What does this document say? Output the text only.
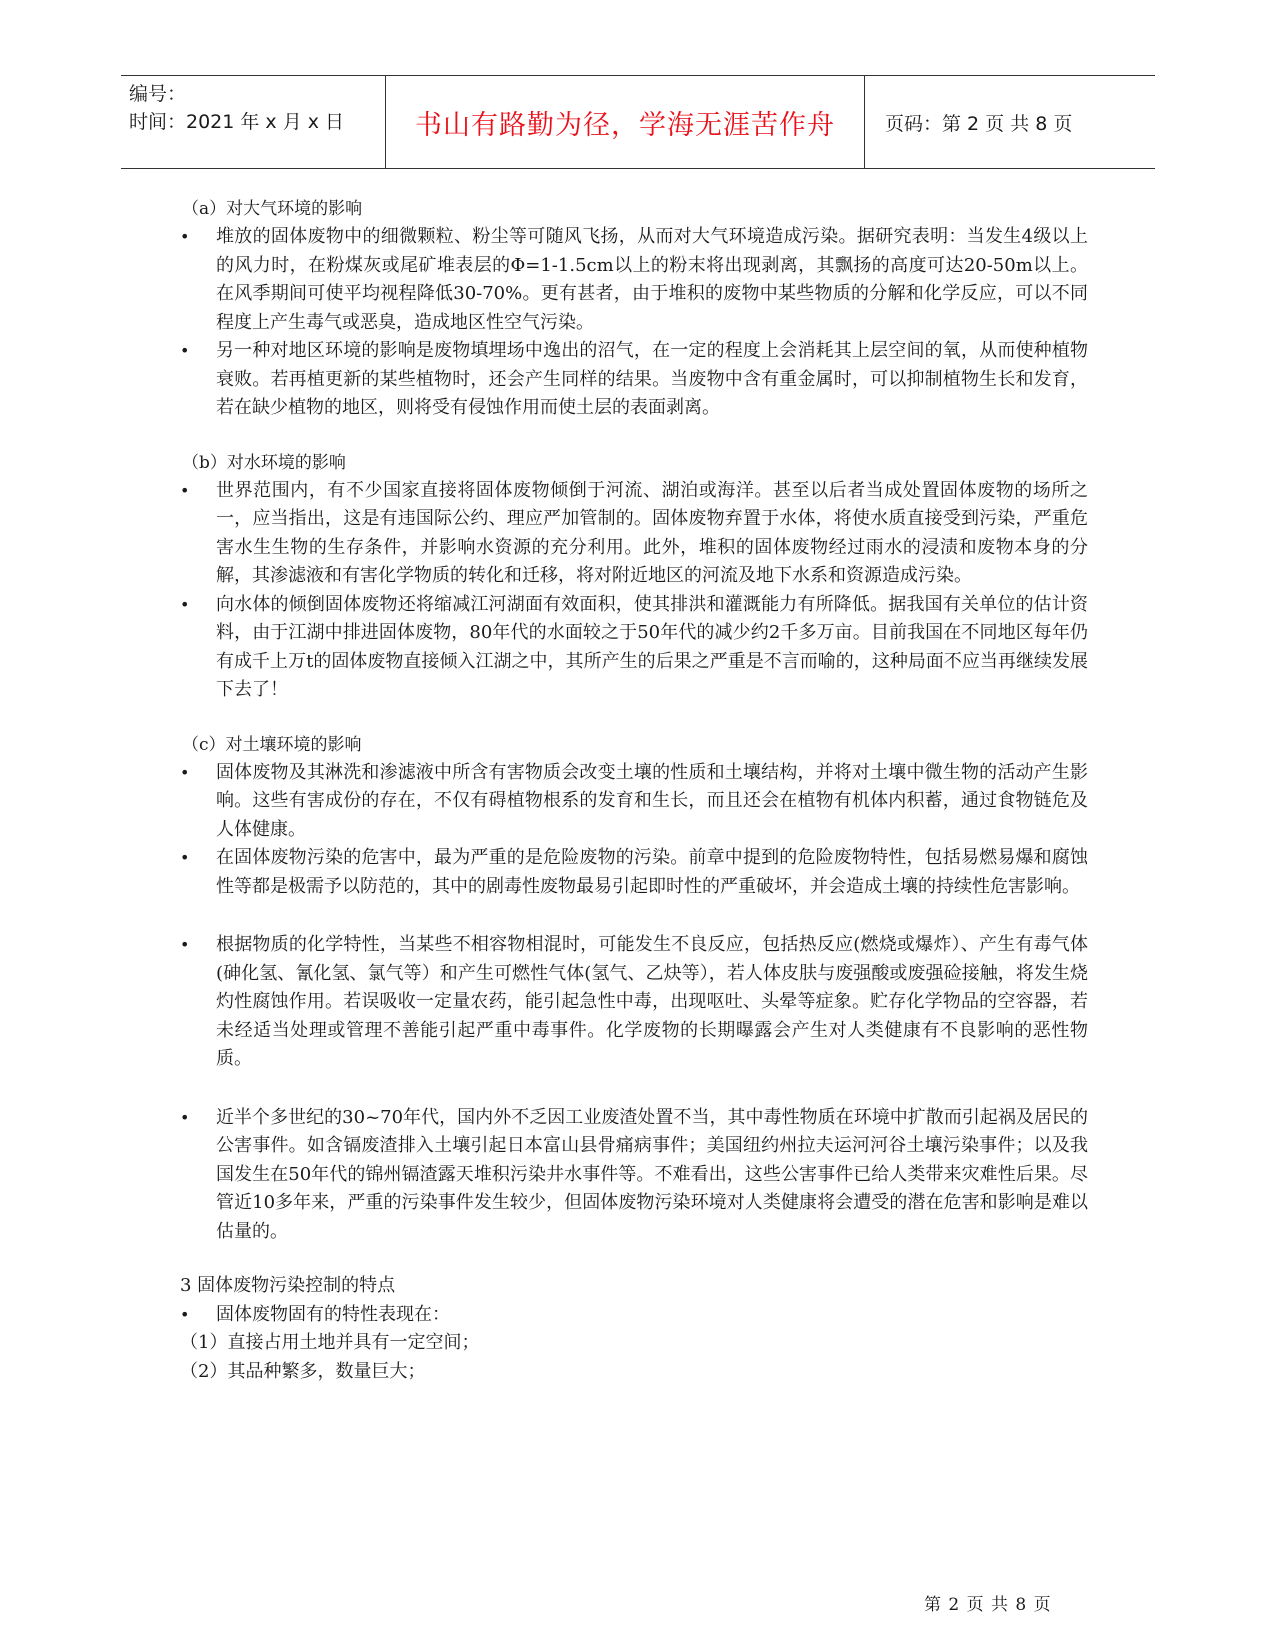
编号：
时间：2021 年 x 月 x 日	书山有路勤为径，学海无涯苦作舟	页码：第 2 页 共 8 页
（a）对大气环境的影响
• 堆放的固体废物中的细微颗粒、粉尘等可随风飞扬，从而对大气环境造成污染。据研究表明：当发生4级以上的风力时，在粉煤灰或尾矿堆表层的Φ=1-1.5cm以上的粉末将出现剥离，其飘扬的高度可达20-50m以上。在风季期间可使平均视程降低30-70%。更有甚者，由于堆积的废物中某些物质的分解和化学反应，可以不同程度上产生毒气或恶臭，造成地区性空气污染。
• 另一种对地区环境的影响是废物填埋场中逸出的沼气，在一定的程度上会消耗其上层空间的氧，从而使种植物衰败。若再植更新的某些植物时，还会产生同样的结果。当废物中含有重金属时，可以抑制植物生长和发育，若在缺少植物的地区，则将受有侵蚀作用而使土层的表面剥离。
（b）对水环境的影响
• 世界范围内，有不少国家直接将固体废物倾倒于河流、湖泊或海洋。甚至以后者当成处置固体废物的场所之一，应当指出，这是有违国际公约、理应严加管制的。固体废物弃置于水体，将使水质直接受到污染，严重危害水生生物的生存条件，并影响水资源的充分利用。此外，堆积的固体废物经过雨水的浸渍和废物本身的分解，其渗滤液和有害化学物质的转化和迁移，将对附近地区的河流及地下水系和资源造成污染。
• 向水体的倾倒固体废物还将缩减江河湖面有效面积，使其排洪和灌溉能力有所降低。据我国有关单位的估计资料，由于江湖中排进固体废物，80年代的水面较之于50年代的减少约2千多万亩。目前我国在不同地区每年仍有成千上万t的固体废物直接倾入江湖之中，其所产生的后果之严重是不言而喻的，这种局面不应当再继续发展下去了！
（c）对土壤环境的影响
• 固体废物及其淋洗和渗滤液中所含有害物质会改变土壤的性质和土壤结构，并将对土壤中微生物的活动产生影响。这些有害成份的存在，不仅有碍植物根系的发育和生长，而且还会在植物有机体内积蓄，通过食物链危及人体健康。
• 在固体废物污染的危害中，最为严重的是危险废物的污染。前章中提到的危险废物特性，包括易燃易爆和腐蚀性等都是极需予以防范的，其中的剧毒性废物最易引起即时性的严重破坏，并会造成土壤的持续性危害影响。
• 根据物质的化学特性，当某些不相容物相混时，可能发生不良反应，包括热反应(燃烧或爆炸）、产生有毒气体(砷化氢、氰化氢、氯气等）和产生可燃性气体(氢气、乙炔等），若人体皮肤与废强酸或废强硷接触，将发生烧灼性腐蚀作用。若误吸收一定量农药，能引起急性中毒，出现呕吐、头晕等症象。贮存化学物品的空容器，若未经适当处理或管理不善能引起严重中毒事件。化学废物的长期曝露会产生对人类健康有不良影响的恶性物质。
• 近半个多世纪的30~70年代，国内外不乏因工业废渣处置不当，其中毒性物质在环境中扩散而引起祸及居民的公害事件。如含镉废渣排入土壤引起日本富山县骨痛病事件；美国纽约州拉夫运河河谷土壤污染事件；以及我国发生在50年代的锦州镉渣露天堆积污染井水事件等。不难看出，这些公害事件已给人类带来灾难性后果。尽管近10多年来，严重的污染事件发生较少，但固体废物污染环境对人类健康将会遭受的潜在危害和影响是难以估量的。
3 固体废物污染控制的特点
• 固体废物固有的特性表现在：
（1）直接占用土地并具有一定空间；
（2）其品种繁多，数量巨大；
第 2 页 共 8 页
